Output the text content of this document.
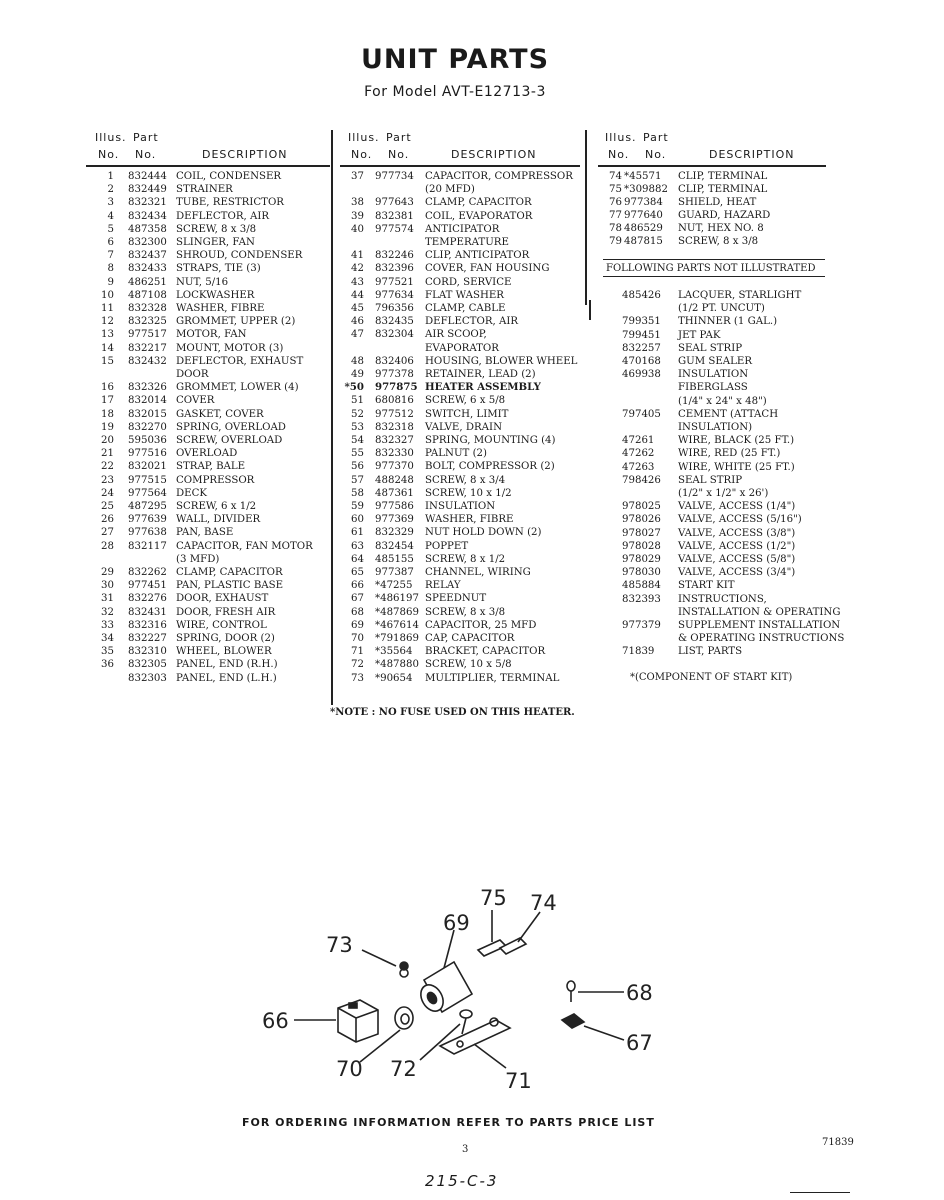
UNIT PARTS
For Model AVT-E12713-3
Illus. Part
No. No.	DESCRIPTION
Illus. Part
No. No.	DESCRIPTION
Illus. Part
No. No.	DESCRIPTION
1 832444 COIL, CONDENSER
2 832449 STRAINER
3 832321 TUBE, RESTRICTOR
4 832434 DEFLECTOR, AIR
5 487358 SCREW, 8 x 3/8
6 832300 SLINGER, FAN
7 832437 SHROUD, CONDENSER
8 832433 STRAPS, TIE (3)
9 486251 NUT, 5/16
10 487108 LOCKWASHER
11 832328 WASHER, FIBRE
12 832325 GROMMET, UPPER (2)
13 977517 MOTOR, FAN
14 832217 MOUNT, MOTOR (3)
15 832432 DEFLECTOR, EXHAUST
DOOR
16 832326 GROMMET, LOWER (4)
17 832014 COVER
18 832015 GASKET, COVER
19 832270 SPRING, OVERLOAD
20 595036 SCREW, OVERLOAD
21 977516 OVERLOAD
22 832021 STRAP, BALE
23 977515 COMPRESSOR
24 977564 DECK
25 487295 SCREW, 6 x 1/2
26 977639 WALL, DIVIDER
27 977638 PAN, BASE
28 832117 CAPACITOR, FAN MOTOR
(3 MFD)
29 832262 CLAMP, CAPACITOR
30 977451 PAN, PLASTIC BASE
31 832276 DOOR, EXHAUST
32 832431 DOOR, FRESH AIR
33 832316 WIRE, CONTROL
34 832227 SPRING, DOOR (2)
35 832310 WHEEL, BLOWER
36 832305 PANEL, END (R.H.)
832303 PANEL, END (L.H.)
37 977734 CAPACITOR, COMPRESSOR
(20 MFD)
38 977643 CLAMP, CAPACITOR
39 832381 COIL, EVAPORATOR
40 977574 ANTICIPATOR
TEMPERATURE
41 832246 CLIP, ANTICIPATOR
42 832396 COVER, FAN HOUSING
43 977521 CORD, SERVICE
44 977634 FLAT WASHER
45 796356 CLAMP, CABLE
46 832435 DEFLECTOR, AIR
47 832304 AIR SCOOP,
EVAPORATOR
48 832406 HOUSING, BLOWER WHEEL
49 977378 RETAINER, LEAD (2)
*50 977875 HEATER ASSEMBLY
51 680816 SCREW, 6 x 5/8
52 977512 SWITCH, LIMIT
53 832318 VALVE, DRAIN
54 832327 SPRING, MOUNTING (4)
55 832330 PALNUT (2)
56 977370 BOLT, COMPRESSOR (2)
57 488248 SCREW, 8 x 3/4
58 487361 SCREW, 10 x 1/2
59 977586 INSULATION
60 977369 WASHER, FIBRE
61 832329 NUT HOLD DOWN (2)
63 832454 POPPET
64 485155 SCREW, 8 x 1/2
65 977387 CHANNEL, WIRING
66 *47255 RELAY
67 *486197 SPEEDNUT
68 *487869 SCREW, 8 x 3/8
69 *467614 CAPACITOR, 25 MFD
70 *791869 CAP, CAPACITOR
71 *35564 BRACKET, CAPACITOR
72 *487880 SCREW, 10 x 5/8
73 *90654 MULTIPLIER, TERMINAL
74 *45571 CLIP, TERMINAL
75 *309882 CLIP, TERMINAL
76 977384 SHIELD, HEAT
77 977640 GUARD, HAZARD
78 486529 NUT, HEX NO. 8
79 487815 SCREW, 8 x 3/8
485426 LACQUER, STARLIGHT
(1/2 PT. UNCUT)
799351 THINNER (1 GAL.)
799451 JET PAK
832257 SEAL STRIP
470168 GUM SEALER
469938 INSULATION
FIBERGLASS
(1/4" x 24" x 48")
797405 CEMENT (ATTACH
INSULATION)
47261 WIRE, BLACK (25 FT.)
47262 WIRE, RED (25 FT.)
47263 WIRE, WHITE (25 FT.)
798426 SEAL STRIP
(1/2" x 1/2" x 26')
978025 VALVE, ACCESS (1/4")
978026 VALVE, ACCESS (5/16")
978027 VALVE, ACCESS (3/8")
978028 VALVE, ACCESS (1/2")
978029 VALVE, ACCESS (5/8")
978030 VALVE, ACCESS (3/4")
485884 START KIT
832393 INSTRUCTIONS,
INSTALLATION & OPERATING
977379 SUPPLEMENT INSTALLATION
& OPERATING INSTRUCTIONS
71839 LIST, PARTS
FOLLOWING PARTS NOT ILLUSTRATED
*(COMPONENT OF START KIT)
*NOTE : NO FUSE USED ON THIS HEATER.
75 74
69
73
68
66
67
70 72	71
FOR ORDERING INFORMATION REFER TO PARTS PRICE LIST
3
71839
215-C-3
